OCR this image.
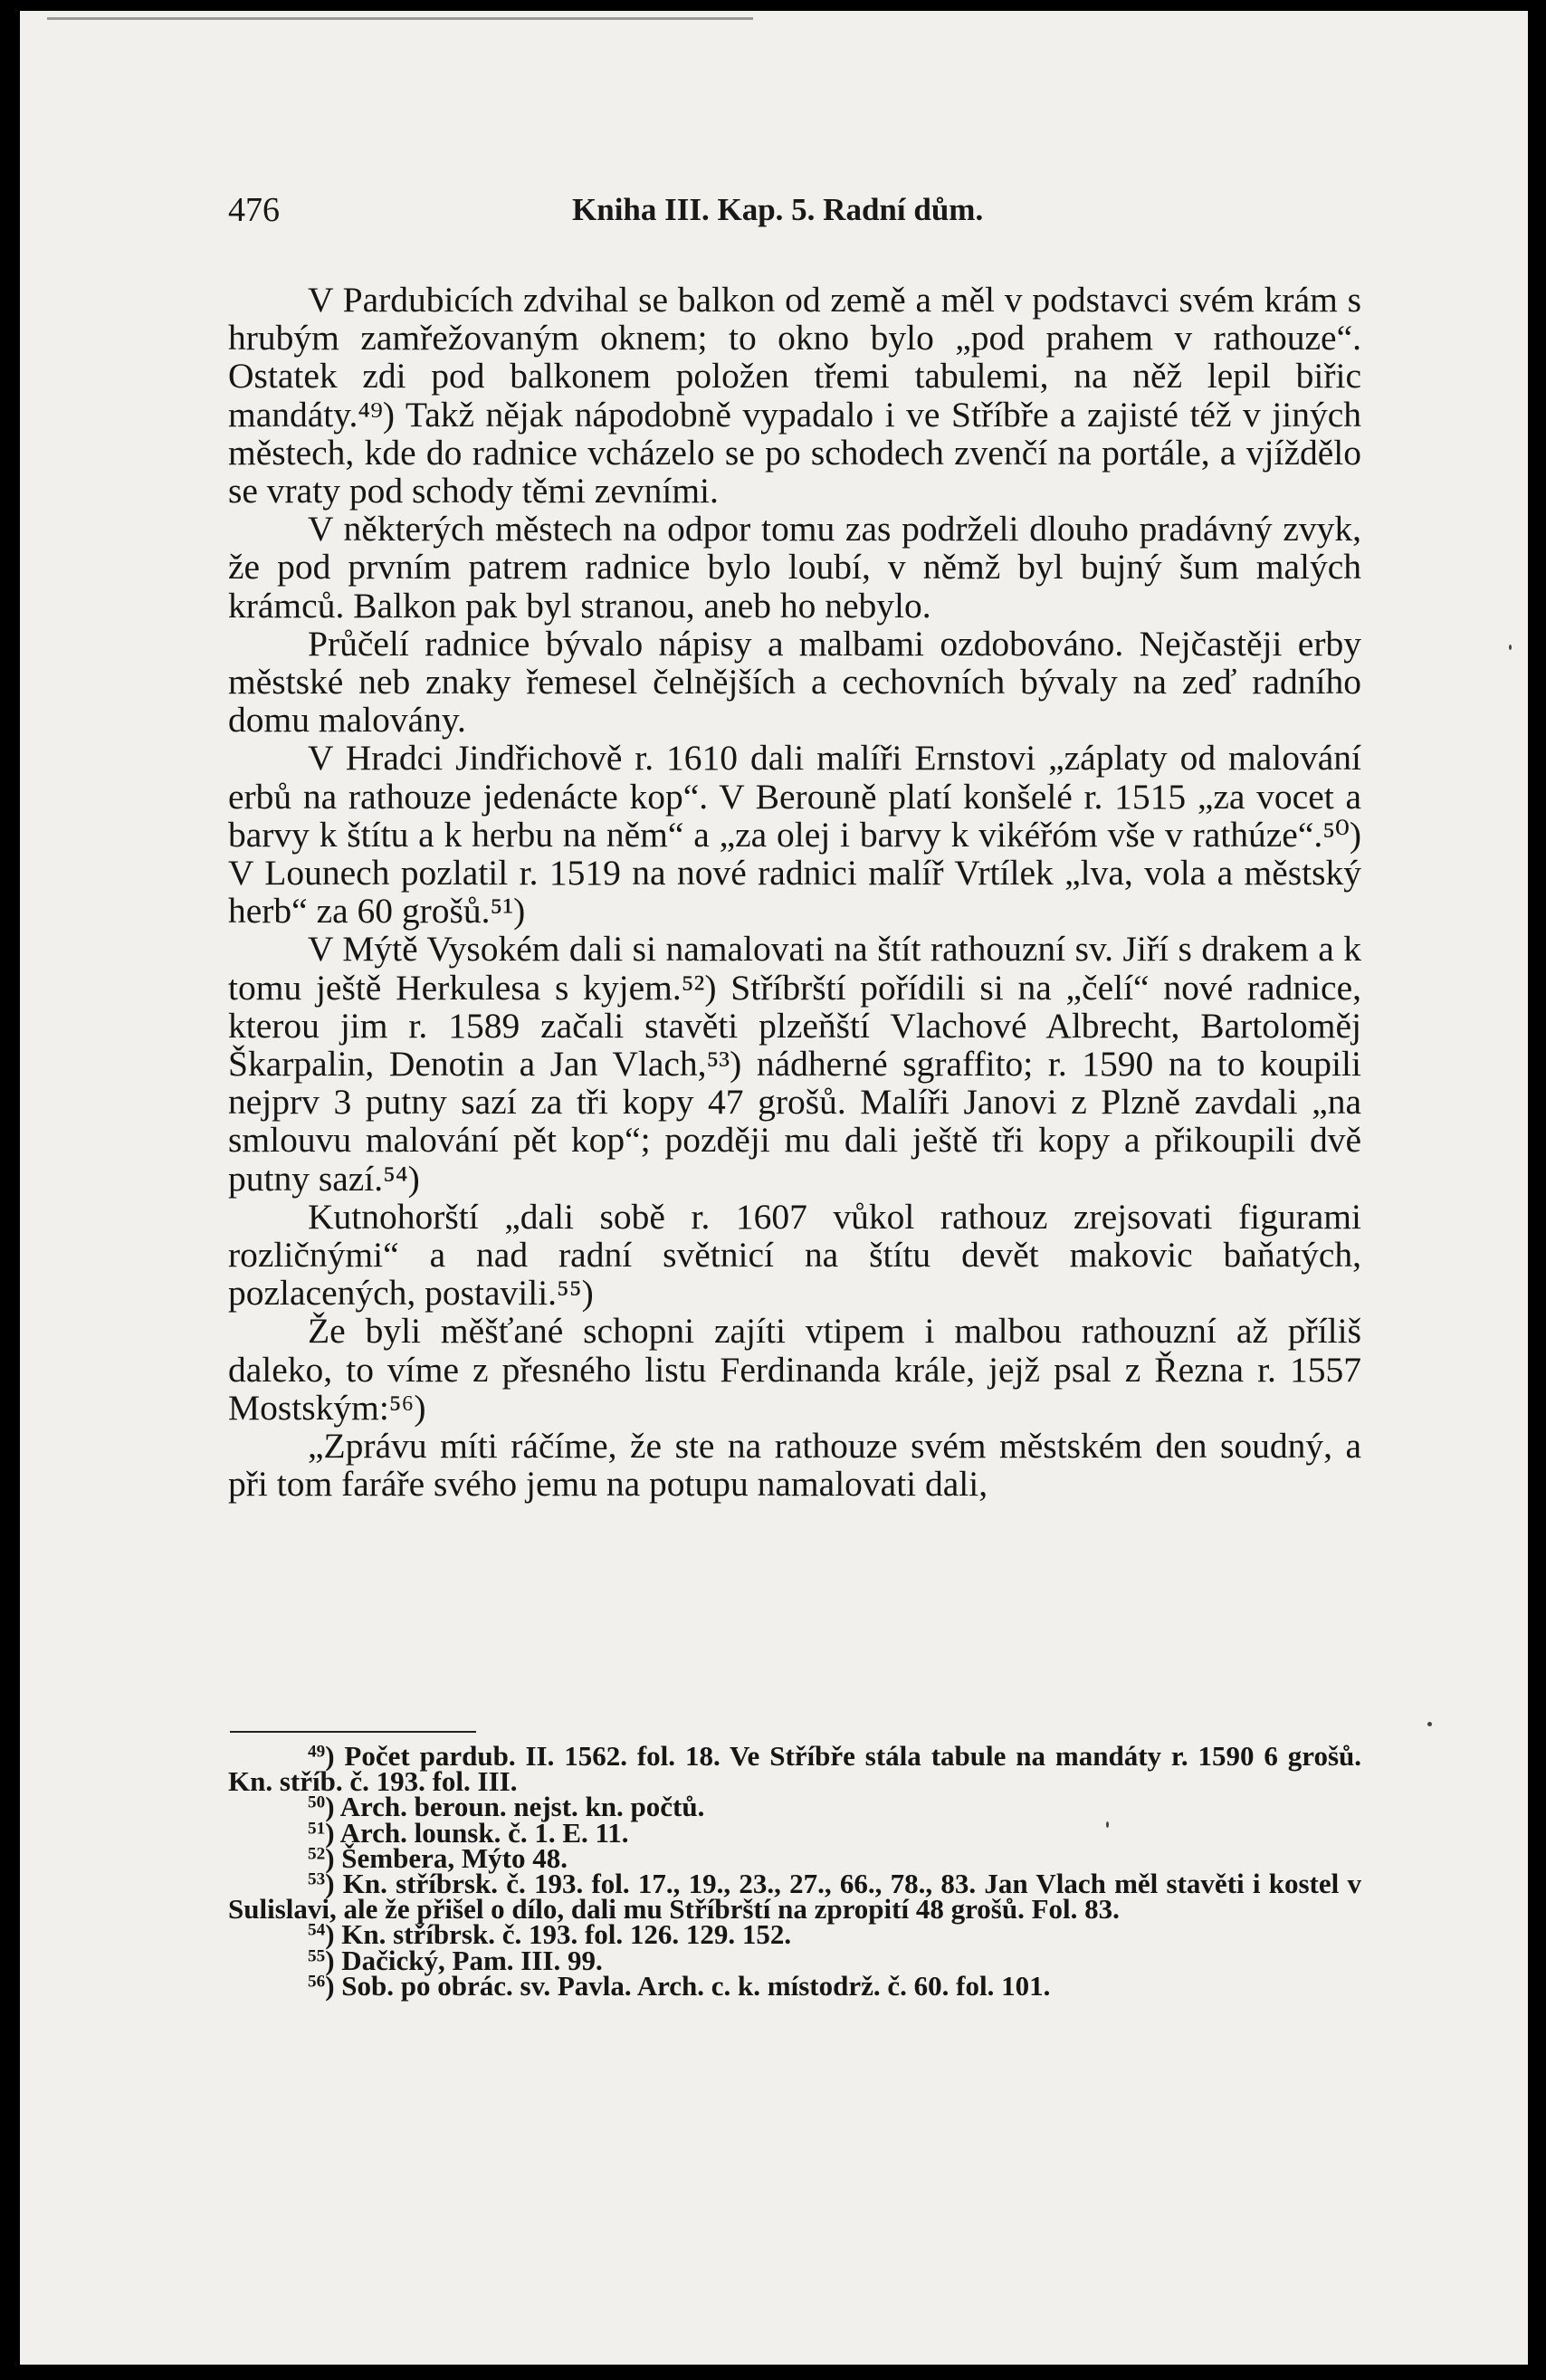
476	Kniha III. Kap. 5. Radní dům.

V Pardubicích zdvihal se balkon od země a měl v podstavci svém krám s hrubým zamřežovaným oknem; to okno bylo „pod prahem v rathouze“. Ostatek zdi pod balkonem položen třemi tabulemi, na něž lepil biřic mandáty.⁴⁹) Takž nějak nápodobně vypadalo i ve Stříbře a zajisté též v jiných městech, kde do radnice vcházelo se po schodech zvenčí na portále, a vjíždělo se vraty pod schody těmi zevními.

V některých městech na odpor tomu zas podrželi dlouho pradávný zvyk, že pod prvním patrem radnice bylo loubí, v němž byl bujný šum malých krámců. Balkon pak byl stranou, aneb ho nebylo.

Průčelí radnice bývalo nápisy a malbami ozdobováno. Nejčastěji erby městské neb znaky řemesel čelnějších a cechovních bývaly na zeď radního domu malovány.

V Hradci Jindřichově r. 1610 dali malíři Ernstovi „záplaty od malování erbů na rathouze jedenácte kop“. V Berouně platí konšelé r. 1515 „za vocet a barvy k štítu a k herbu na něm“ a „za olej i barvy k vikéřóm vše v rathúze“.⁵⁰) V Lounech pozlatil r. 1519 na nové radnici malíř Vrtílek „lva, vola a městský herb“ za 60 grošů.⁵¹)

V Mýtě Vysokém dali si namalovati na štít rathouzní sv. Jiří s drakem a k tomu ještě Herkulesa s kyjem.⁵²) Stříbrští pořídili si na „čelí“ nové radnice, kterou jim r. 1589 začali stavěti plzeňští Vlachové Albrecht, Bartoloměj Škarpalin, Denotin a Jan Vlach,⁵³) nádherné sgraffito; r. 1590 na to koupili nejprv 3 putny sazí za tři kopy 47 grošů. Malíři Janovi z Plzně zavdali „na smlouvu malování pět kop“; později mu dali ještě tři kopy a přikoupili dvě putny sazí.⁵⁴)

Kutnohorští „dali sobě r. 1607 vůkol rathouz zrejsovati figurami rozličnými“ a nad radní světnicí na štítu devět makovic baňatých, pozlacených, postavili.⁵⁵)

Že byli měšťané schopni zajíti vtipem i malbou rathouzní až příliš daleko, to víme z přesného listu Ferdinanda krále, jejž psal z Řezna r. 1557 Mostským:⁵⁶)

„Zprávu míti ráčíme, že ste na rathouze svém městském den soudný, a při tom faráře svého jemu na potupu namalovati dali,

$^{49}$) Počet pardub. II. 1562. fol. 18. Ve Stříbře stála tabule na mandáty r. 1590 6 grošů. Kn. stříb. č. 193. fol. III.

$^{50}$) Arch. beroun. nejst. kn. počtů.

$^{51}$) Arch. lounsk. č. 1. E. 11.

$^{52}$) Šembera, Mýto 48.

$^{53}$) Kn. stříbrsk. č. 193. fol. 17., 19., 23., 27., 66., 78., 83. Jan Vlach měl stavěti i kostel v Sulislavi, ale že přišel o dílo, dali mu Stříbrští na zpropití 48 grošů. Fol. 83.

$^{54}$) Kn. stříbrsk. č. 193. fol. 126. 129. 152.

$^{55}$) Dačický, Pam. III. 99.

$^{56}$) Sob. po obrác. sv. Pavla. Arch. c. k. místodrž. č. 60. fol. 101.
